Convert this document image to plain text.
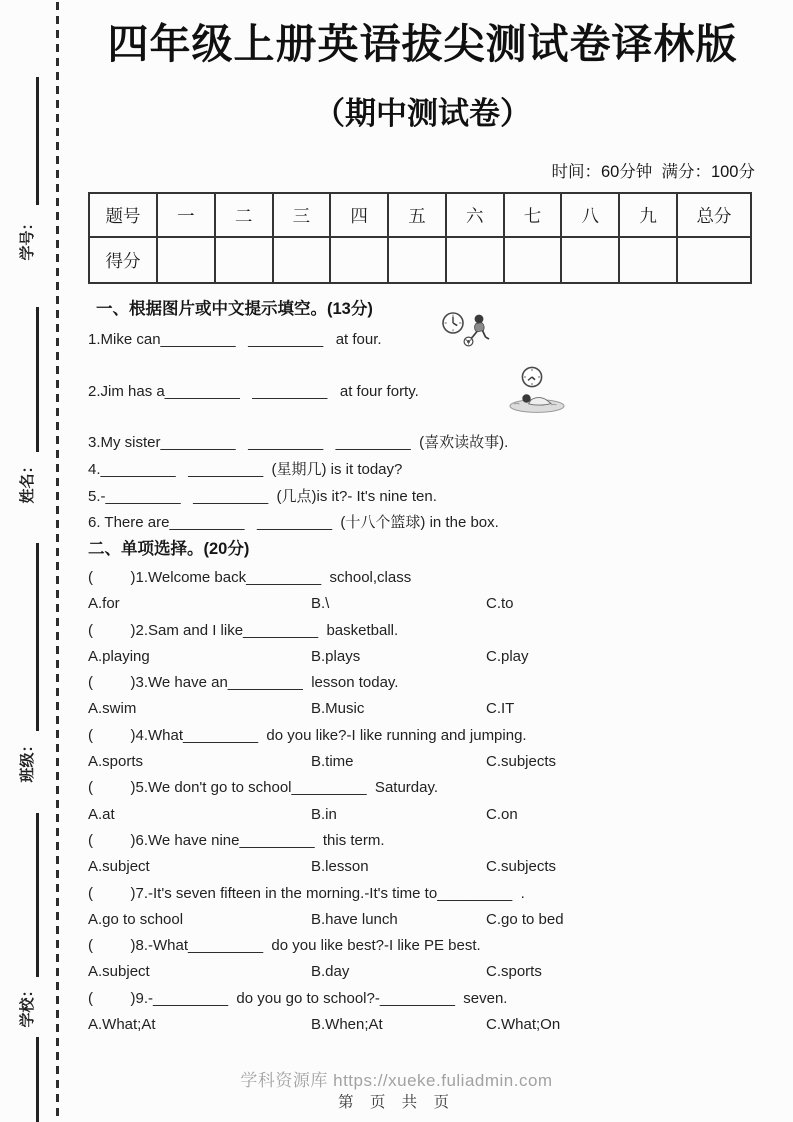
学号：
姓名：
班级：
学校：
四年级上册英语拔尖测试卷译林版
（期中测试卷）

时间：60分钟  满分：100分

题号	一	二	三	四	五	六	七	八	九	总分
得分										

一、根据图片或中文提示填空。(13分)

1.Mike can_________   _________   at four.

2.Jim has a_________   _________   at four forty.

3.My sister_________   _________   _________  (喜欢读故事).

4._________   _________  (星期几) is it today?

5.-_________   _________  (几点)is it?- It's nine ten.

6. There are_________   _________  (十八个篮球) in the box.

二、单项选择。(20分)

(         )1.Welcome back_________  school,class

A.for	B.\	C.to

(         )2.Sam and I like_________  basketball.

A.playing	B.plays	C.play

(         )3.We have an_________  lesson today.

A.swim	B.Music	C.IT

(         )4.What_________  do you like?-I like running and jumping.

A.sports	B.time	C.subjects

(         )5.We don't go to school_________  Saturday.

A.at	B.in	C.on

(         )6.We have nine_________  this term.

A.subject	B.lesson	C.subjects

(         )7.-It's seven fifteen in the morning.-It's time to_________  .

A.go to school	B.have lunch	C.go to bed

(         )8.-What_________  do you like best?-I like PE best.

A.subject	B.day	C.sports

(         )9.-_________  do you go to school?-_________  seven.

A.What;At	B.When;At	C.What;On
学科资源库 https://xueke.fuliadmin.com
第 页 共 页
